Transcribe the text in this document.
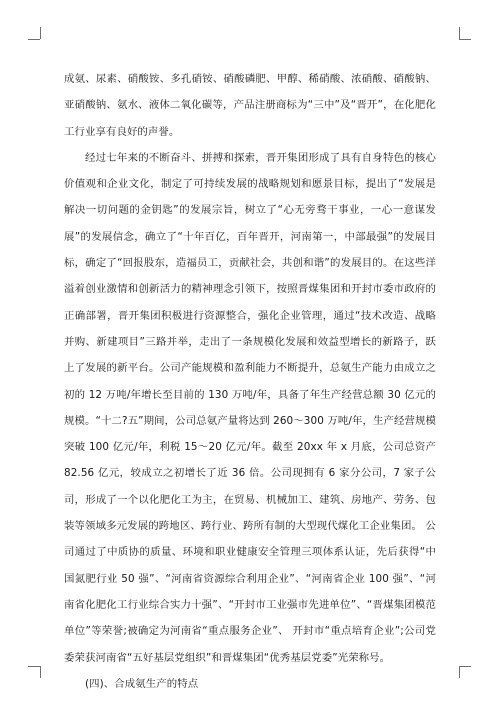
成氨、尿素、硝酸铵、多孔硝铵、硝酸磷肥、甲醇、稀硝酸、浓硝酸、硝酸钠、亚硝酸钠、氨水、液体二氧化碳等，产品注册商标为“三中”及“晋开”，在化肥化工行业享有良好的声誉。

经过七年来的不断奋斗、拼搏和探索，晋开集团形成了具有自身特色的核心价值观和企业文化，制定了可持续发展的战略规划和愿景目标，提出了“发展是解决一切问题的金钥匙”的发展宗旨，树立了“心无旁骛干事业，一心一意谋发展”的发展信念，确立了“十年百亿，百年晋开，河南第一，中部最强”的发展目标，确定了“回报股东，造福员工，贡献社会，共创和谐”的发展目的。在这些洋溢着创业激情和创新活力的精神理念引领下，按照晋煤集团和开封市委市政府的正确部署，晋开集团积极进行资源整合，强化企业管理，通过“技术改造、战略并购、新建项目”三路并举，走出了一条规模化发展和效益型增长的新路子，跃上了发展的新平台。公司产能规模和盈利能力不断提升，总氨生产能力由成立之初的 12 万吨/年增长至目前的 130 万吨/年，具备了年生产经营总额 30 亿元的规模。“十二?五”期间，公司总氨产量将达到 260～300 万吨/年，生产经营规模突破 100 亿元/年，利税 15～20 亿元/年。截至 20xx 年 x 月底，公司总资产 82.56 亿元，较成立之初增长了近 36 倍。公司现拥有 6 家分公司，7 家子公司，形成了一个以化肥化工为主，在贸易、机械加工、建筑、房地产、劳务、包装等领域多元发展的跨地区、跨行业、跨所有制的大型现代煤化工企业集团。 公司通过了中质协的质量、环境和职业健康安全管理三项体系认证，先后获得“中国氮肥行业 50 强”、“河南省资源综合利用企业”、“河南省企业 100 强”、“河南省化肥化工行业综合实力十强”、“开封市工业强市先进单位”、“晋煤集团模范单位”等荣誉;被确定为河南省“重点服务企业”、 开封市“重点培育企业”;公司党委荣获河南省“五好基层党组织”和晋煤集团“优秀基层党委”光荣称号。

(四)、合成氨生产的特点
